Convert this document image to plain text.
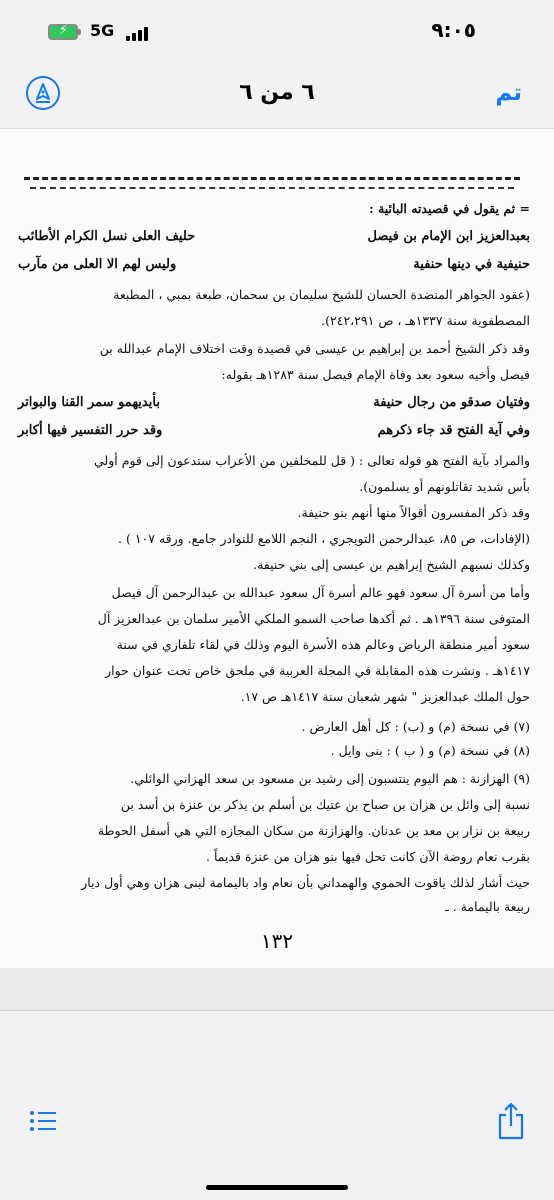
⚡ 5G	٩:٠٥
٦ من ٦	تم
= ثم يقول في قصيدته البائية :
بعبدالعزيز ابن الإمام بن فيصل
حليف العلى نسل الكرام الأطائب
حنيفية في دينها حنفية
وليس لهم الا العلى من مآرب
(عقود الجواهر المنضدة الحسان للشيخ سليمان بن سحمان، طبعة بمبي ، المطبعة
المصطفوية سنة ١٣٣٧هـ ، ص ٢٤٢،٢٩١).
وقد ذكر الشيخ أحمد بن إبراهيم بن عيسى في قصيدة وقت اختلاف الإمام عبدالله بن
فيصل وأخيه سعود بعد وفاة الإمام فيصل سنة ١٢٨٣هـ بقوله:
وفتيان صدقو من رجال حنيفة
بأيديهمو سمر القنا والبواتر
وفي آية الفتح قد جاء ذكرهم
وقد حرر التفسير فيها أكابر
والمراد بآية الفتح هو قوله تعالى : ( قل للمخلفين من الأعراب ستدعون إلى قوم أولي
بأس شديد تقاتلونهم أو يسلمون).
وقد ذكر المفسرون أقوالاً منها أنهم بنو حنيفة.
(الإفادات، ص ٨٥، عبدالرحمن التويجري ، النجم اللامع للنوادر جامع. ورقه ١٠٧ ) .
وكذلك نسبهم الشيخ إبراهيم بن عيسى إلى بني حنيفة.
وأما من أسرة آل سعود فهو عالم أسرة آل سعود عبدالله بن عبدالرحمن آل فيصل
المتوفى سنة ١٣٩٦هـ . ثم أكدها صاحب السمو الملكي الأمير سلمان بن عبدالعزيز آل
سعود أمير منطقة الرياض وعالم هذه الأسرة اليوم وذلك في لقاء تلفازي في سنة
١٤١٧هـ . ونشرت هذه المقابلة في المجلة العربية في ملحق خاص تحت عنوان حوار
حول الملك عبدالعزيز " شهر شعبان سنة ١٤١٧هـ ص ١٧.
(٧) في نسخة (م) و (ب) : كل أهل العارض .
(٨) في نسخة (م) و ( ب ) : بنى وايل .
(٩) الهزازنة : هم اليوم ينتسبون إلى رشيد بن مسعود بن سعد الهزاني الوائلي.
نسبة إلى وائل بن هزان بن صباح بن عتيك بن أسلم بن يذكر بن عنزة بن أسد بن
ربيعة بن نزار بن معد بن عدنان. والهزازنة من سكان المجازه التي هي أسفل الحوطة
بقرب نعام روضة الآن كانت تحل فيها بنو هزان من عنزة قديماً .
حيث أشار لذلك ياقوت الحموي والهمداني بأن نعام واد باليمامة لبنى هزان وهي أول ديار
ربيعة باليمامة . ـ
١٣٢
